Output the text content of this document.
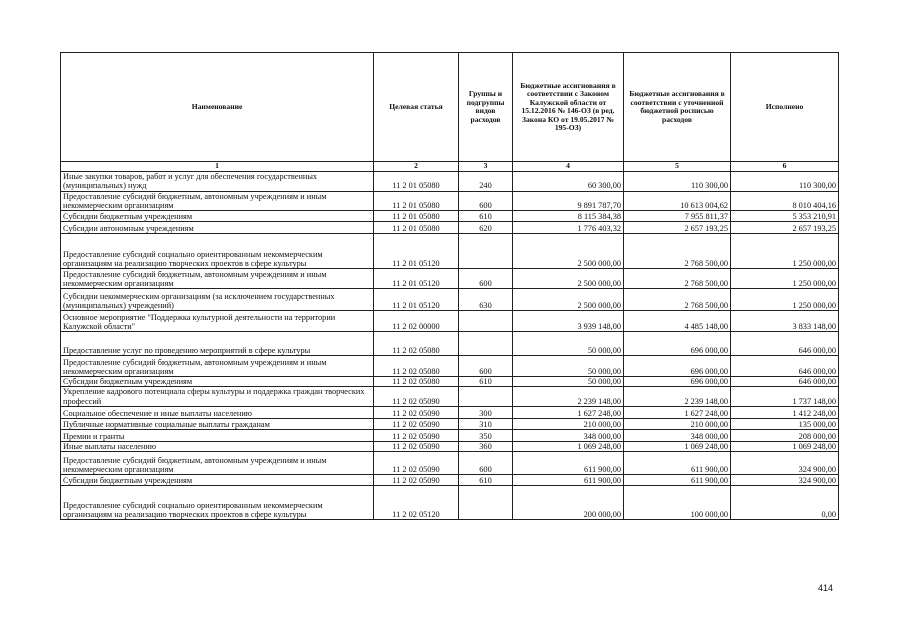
Наименование	Целевая статья	Группы и подгруппы видов расходов	Бюджетные ассигнования в соответствии с Законом Калужской области от 15.12.2016 № 146-ОЗ (в ред. Закона КО от 19.05.2017 № 195-ОЗ)	Бюджетные ассигнования в соответствии с уточненной бюджетной росписью расходов	Исполнено
1	2	3	4	5	6
Иные закупки товаров, работ и услуг для обеспечения государственных (муниципальных) нужд	11 2 01 05080	240	60 300,00	110 300,00	110 300,00
Предоставление субсидий бюджетным, автономным учреждениям и иным некоммерческим организациям	11 2 01 05080	600	9 891 787,70	10 613 004,62	8 010 404,16
Субсидии бюджетным учреждениям	11 2 01 05080	610	8 115 384,38	7 955 811,37	5 353 210,91
Субсидии автономным учреждениям	11 2 01 05080	620	1 776 403,32	2 657 193,25	2 657 193,25
Предоставление субсидий социально ориентированным некоммерческим организациям на реализацию творческих проектов в сфере культуры	11 2 01 05120		2 500 000,00	2 768 500,00	1 250 000,00
Предоставление субсидий бюджетным, автономным учреждениям и иным некоммерческим организациям	11 2 01 05120	600	2 500 000,00	2 768 500,00	1 250 000,00
Субсидии некоммерческим организациям (за исключением государственных (муниципальных) учреждений)	11 2 01 05120	630	2 500 000,00	2 768 500,00	1 250 000,00
Основное мероприятие "Поддержка культурной деятельности на территории Калужской области"	11 2 02 00000		3 939 148,00	4 485 148,00	3 833 148,00
Предоставление услуг по проведению мероприятий в сфере культуры	11 2 02 05080		50 000,00	696 000,00	646 000,00
Предоставление субсидий бюджетным, автономным учреждениям и иным некоммерческим организациям	11 2 02 05080	600	50 000,00	696 000,00	646 000,00
Субсидии бюджетным учреждениям	11 2 02 05080	610	50 000,00	696 000,00	646 000,00
Укрепление кадрового потенциала сферы культуры и поддержка граждан творческих профессий	11 2 02 05090		2 239 148,00	2 239 148,00	1 737 148,00
Социальное обеспечение и иные выплаты населению	11 2 02 05090	300	1 627 248,00	1 627 248,00	1 412 248,00
Публичные нормативные социальные выплаты гражданам	11 2 02 05090	310	210 000,00	210 000,00	135 000,00
Премии и гранты	11 2 02 05090	350	348 000,00	348 000,00	208 000,00
Иные выплаты населению	11 2 02 05090	360	1 069 248,00	1 069 248,00	1 069 248,00
Предоставление субсидий бюджетным, автономным учреждениям и иным некоммерческим организациям	11 2 02 05090	600	611 900,00	611 900,00	324 900,00
Субсидии бюджетным учреждениям	11 2 02 05090	610	611 900,00	611 900,00	324 900,00
Предоставление субсидий социально ориентированным некоммерческим организациям на реализацию творческих проектов в сфере культуры	11 2 02 05120		200 000,00	100 000,00	0,00
414
